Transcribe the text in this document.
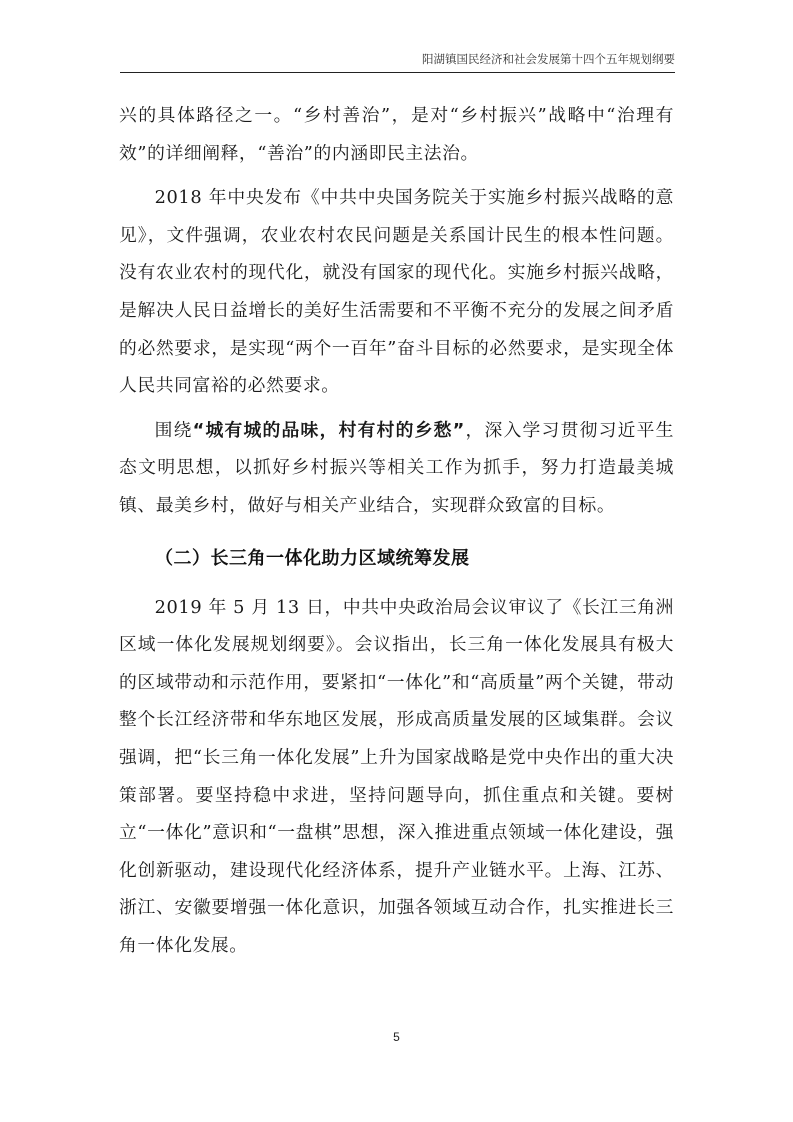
阳湖镇国民经济和社会发展第十四个五年规划纲要

兴的具体路径之一。“乡村善治”，是对“乡村振兴”战略中“治理有效”的详细阐释，“善治”的内涵即民主法治。

2018 年中央发布《中共中央国务院关于实施乡村振兴战略的意见》，文件强调，农业农村农民问题是关系国计民生的根本性问题。没有农业农村的现代化，就没有国家的现代化。实施乡村振兴战略，是解决人民日益增长的美好生活需要和不平衡不充分的发展之间矛盾的必然要求，是实现“两个一百年”奋斗目标的必然要求，是实现全体人民共同富裕的必然要求。

围绕“城有城的品味，村有村的乡愁”，深入学习贯彻习近平生态文明思想，以抓好乡村振兴等相关工作为抓手，努力打造最美城镇、最美乡村，做好与相关产业结合，实现群众致富的目标。

（二）长三角一体化助力区域统筹发展

2019 年 5 月 13 日，中共中央政治局会议审议了《长江三角洲区域一体化发展规划纲要》。会议指出，长三角一体化发展具有极大的区域带动和示范作用，要紧扣“一体化”和“高质量”两个关键，带动整个长江经济带和华东地区发展，形成高质量发展的区域集群。会议强调，把“长三角一体化发展”上升为国家战略是党中央作出的重大决策部署。要坚持稳中求进，坚持问题导向，抓住重点和关键。要树立“一体化”意识和“一盘棋”思想，深入推进重点领域一体化建设，强化创新驱动，建设现代化经济体系，提升产业链水平。上海、江苏、浙江、安徽要增强一体化意识，加强各领域互动合作，扎实推进长三角一体化发展。

5
